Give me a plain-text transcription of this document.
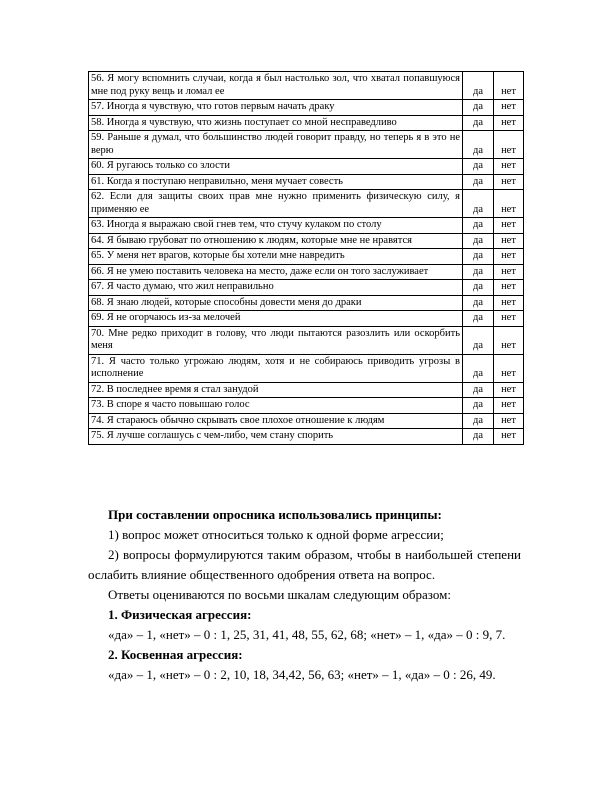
56. Я могу вспомнить случаи, когда я был настолько зол, что хватал попавшуюся мне под руку вещь и ломал ее	да	нет
57. Иногда я чувствую, что готов первым начать драку	да	нет
58. Иногда я чувствую, что жизнь поступает со мной несправедливо	да	нет
59. Раньше я думал, что большинство людей говорит правду, но теперь я в это не верю	да	нет
60. Я ругаюсь только со злости	да	нет
61. Когда я поступаю неправильно, меня мучает совесть	да	нет
62. Если для защиты своих прав мне нужно применить физическую силу, я применяю ее	да	нет
63. Иногда я выражаю свой гнев тем, что стучу кулаком по столу	да	нет
64. Я бываю грубоват по отношению к людям, которые мне не нравятся	да	нет
65. У меня нет врагов, которые бы хотели мне навредить	да	нет
66. Я не умею поставить человека на место, даже если он того заслуживает	да	нет
67. Я часто думаю, что жил неправильно	да	нет
68. Я знаю людей, которые способны довести меня до драки	да	нет
69. Я не огорчаюсь из-за мелочей	да	нет
70. Мне редко приходит в голову, что люди пытаются разозлить или оскорбить меня	да	нет
71. Я часто только угрожаю людям, хотя и не собираюсь приводить угрозы в исполнение	да	нет
72. В последнее время я стал занудой	да	нет
73. В споре я часто повышаю голос	да	нет
74. Я стараюсь обычно скрывать свое плохое отношение к людям	да	нет
75. Я лучше соглашусь с чем-либо, чем стану спорить	да	нет

При составлении опросника использовались принципы:

1) вопрос может относиться только к одной форме агрессии;

2) вопросы формулируются таким образом, чтобы в наибольшей степени ослабить влияние общественного одобрения ответа на вопрос.

Ответы оцениваются по восьми шкалам следующим образом:

1. Физическая агрессия:

«да» – 1, «нет» – 0 : 1, 25, 31, 41, 48, 55, 62, 68; «нет» – 1, «да» – 0 : 9, 7.

2. Косвенная агрессия:

«да» – 1, «нет» – 0 : 2, 10, 18, 34,42, 56, 63; «нет» – 1, «да» – 0 : 26, 49.
